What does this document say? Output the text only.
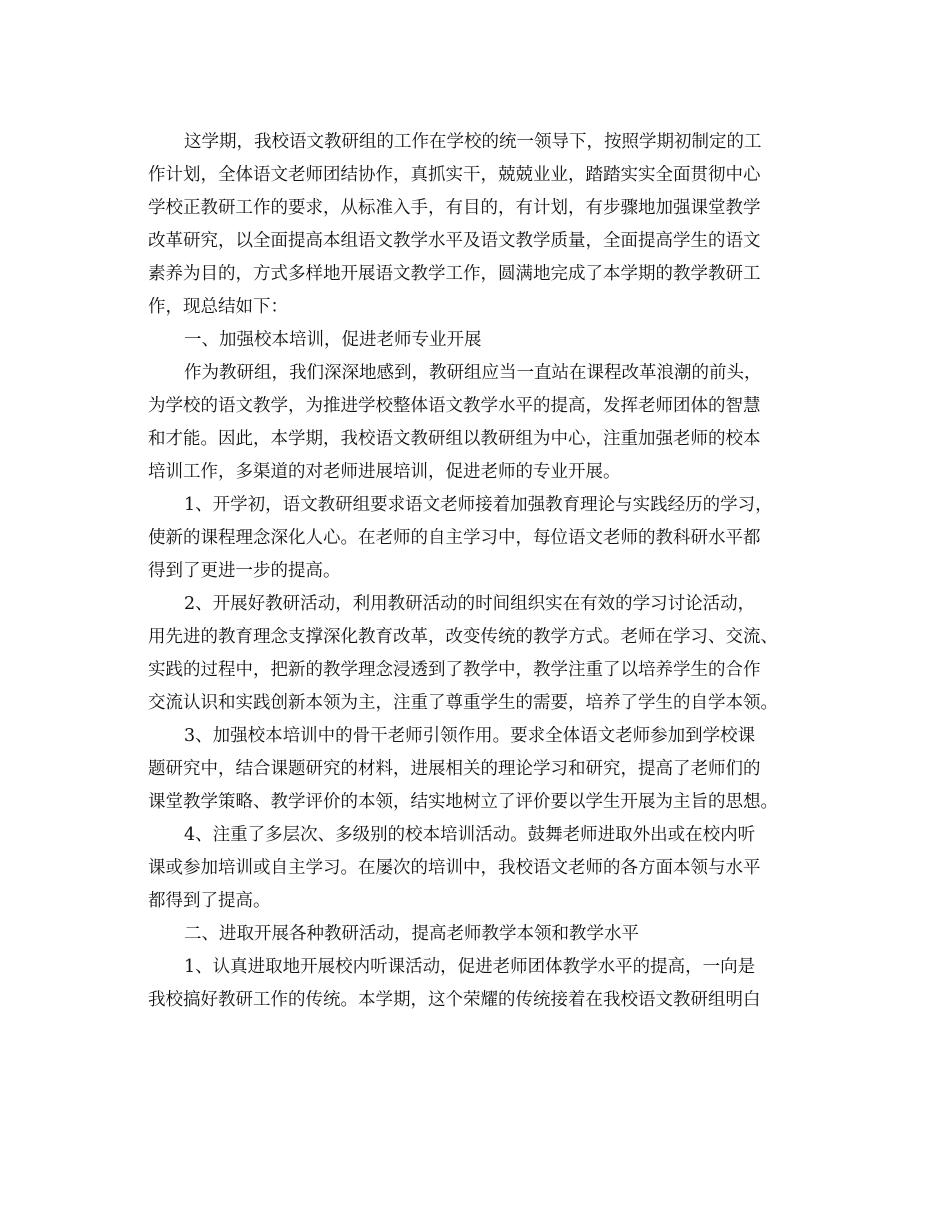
这学期，我校语文教研组的工作在学校的统一领导下，按照学期初制定的工
作计划，全体语文老师团结协作，真抓实干，兢兢业业，踏踏实实全面贯彻中心
学校正教研工作的要求，从标准入手，有目的，有计划，有步骤地加强课堂教学
改革研究，以全面提高本组语文教学水平及语文教学质量，全面提高学生的语文
素养为目的，方式多样地开展语文教学工作，圆满地完成了本学期的教学教研工
作，现总结如下：
一、加强校本培训，促进老师专业开展
作为教研组，我们深深地感到，教研组应当一直站在课程改革浪潮的前头，
为学校的语文教学，为推进学校整体语文教学水平的提高，发挥老师团体的智慧
和才能。因此，本学期，我校语文教研组以教研组为中心，注重加强老师的校本
培训工作，多渠道的对老师进展培训，促进老师的专业开展。
1、开学初，语文教研组要求语文老师接着加强教育理论与实践经历的学习，
使新的课程理念深化人心。在老师的自主学习中，每位语文老师的教科研水平都
得到了更进一步的提高。
2、开展好教研活动，利用教研活动的时间组织实在有效的学习讨论活动，
用先进的教育理念支撑深化教育改革，改变传统的教学方式。老师在学习、交流、
实践的过程中，把新的教学理念浸透到了教学中，教学注重了以培养学生的合作
交流认识和实践创新本领为主，注重了尊重学生的需要，培养了学生的自学本领。
3、加强校本培训中的骨干老师引领作用。要求全体语文老师参加到学校课
题研究中，结合课题研究的材料，进展相关的理论学习和研究，提高了老师们的
课堂教学策略、教学评价的本领，结实地树立了评价要以学生开展为主旨的思想。
4、注重了多层次、多级别的校本培训活动。鼓舞老师进取外出或在校内听
课或参加培训或自主学习。在屡次的培训中，我校语文老师的各方面本领与水平
都得到了提高。
二、进取开展各种教研活动，提高老师教学本领和教学水平
1、认真进取地开展校内听课活动，促进老师团体教学水平的提高，一向是
我校搞好教研工作的传统。本学期，这个荣耀的传统接着在我校语文教研组明白
